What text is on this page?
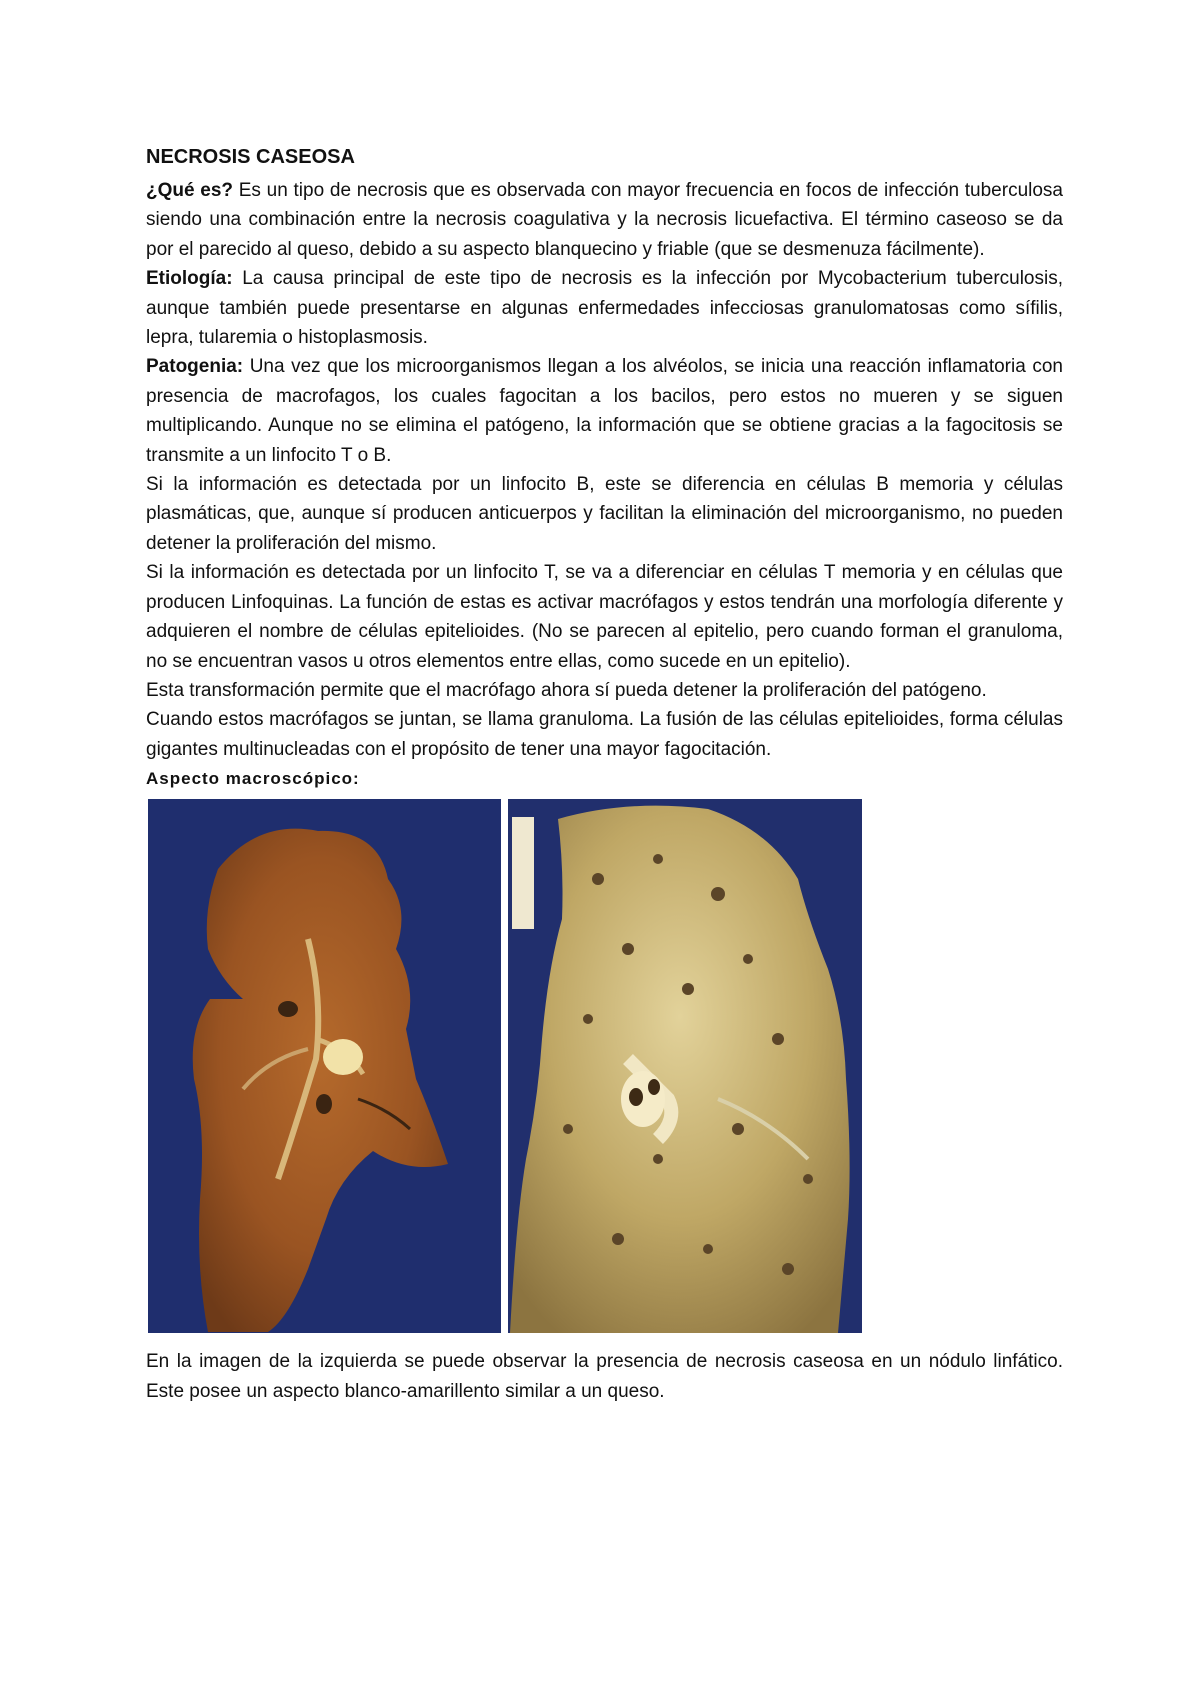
NECROSIS CASEOSA

¿Qué es? Es un tipo de necrosis que es observada con mayor frecuencia en focos de infección tuberculosa siendo una combinación entre la necrosis coagulativa y la necrosis licuefactiva. El término caseoso se da por el parecido al queso, debido a su aspecto blanquecino y friable (que se desmenuza fácilmente).

Etiología: La causa principal de este tipo de necrosis es la infección por Mycobacterium tuberculosis, aunque también puede presentarse en algunas enfermedades infecciosas granulomatosas como sífilis, lepra, tularemia o histoplasmosis.

Patogenia: Una vez que los microorganismos llegan a los alvéolos, se inicia una reacción inflamatoria con presencia de macrofagos, los cuales fagocitan a los bacilos, pero estos no mueren y se siguen multiplicando. Aunque no se elimina el patógeno, la información que se obtiene gracias a la fagocitosis se transmite a un linfocito T o B.

Si la información es detectada por un linfocito B, este se diferencia en células B memoria y células plasmáticas, que, aunque sí producen anticuerpos y facilitan la eliminación del microorganismo, no pueden detener la proliferación del mismo.

Si la información es detectada por un linfocito T, se va a diferenciar en células T memoria y en células que producen Linfoquinas. La función de estas es activar macrófagos y estos tendrán una morfología diferente y adquieren el nombre de células epitelioides. (No se parecen al epitelio, pero cuando forman el granuloma, no se encuentran vasos u otros elementos entre ellas, como sucede en un epitelio).

Esta transformación permite que el macrófago ahora sí pueda detener la proliferación del patógeno.

Cuando estos macrófagos se juntan, se llama granuloma. La fusión de las células epitelioides, forma células gigantes multinucleadas con el propósito de tener una mayor fagocitación.

Aspecto macroscópico:

En la imagen de la izquierda se puede observar la presencia de necrosis caseosa en un nódulo linfático. Este posee un aspecto blanco-amarillento similar a un queso.
